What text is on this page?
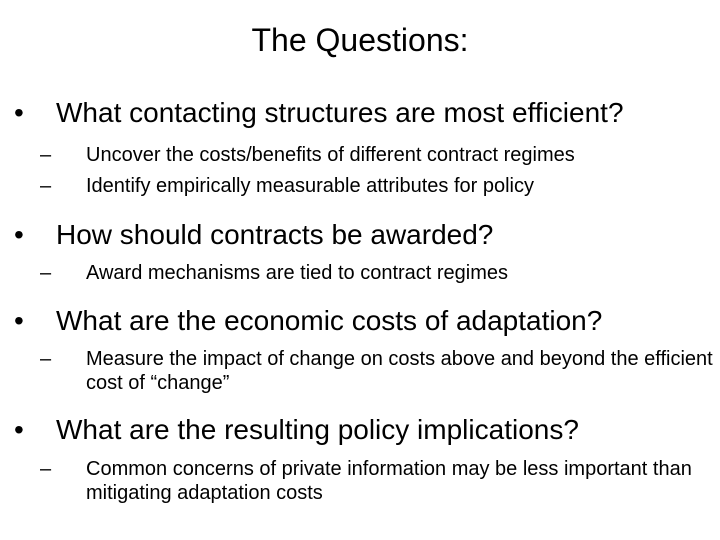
The Questions:
• What contacting structures are most efficient?
– Uncover the costs/benefits of different contract regimes
– Identify empirically measurable attributes for policy
• How should contracts be awarded?
– Award mechanisms are tied to contract regimes
• What are the economic costs of adaptation?
– Measure the impact of change on costs above and beyond the efficient cost of “change”
• What are the resulting policy implications?
– Common concerns of private information may be less important than mitigating adaptation costs
